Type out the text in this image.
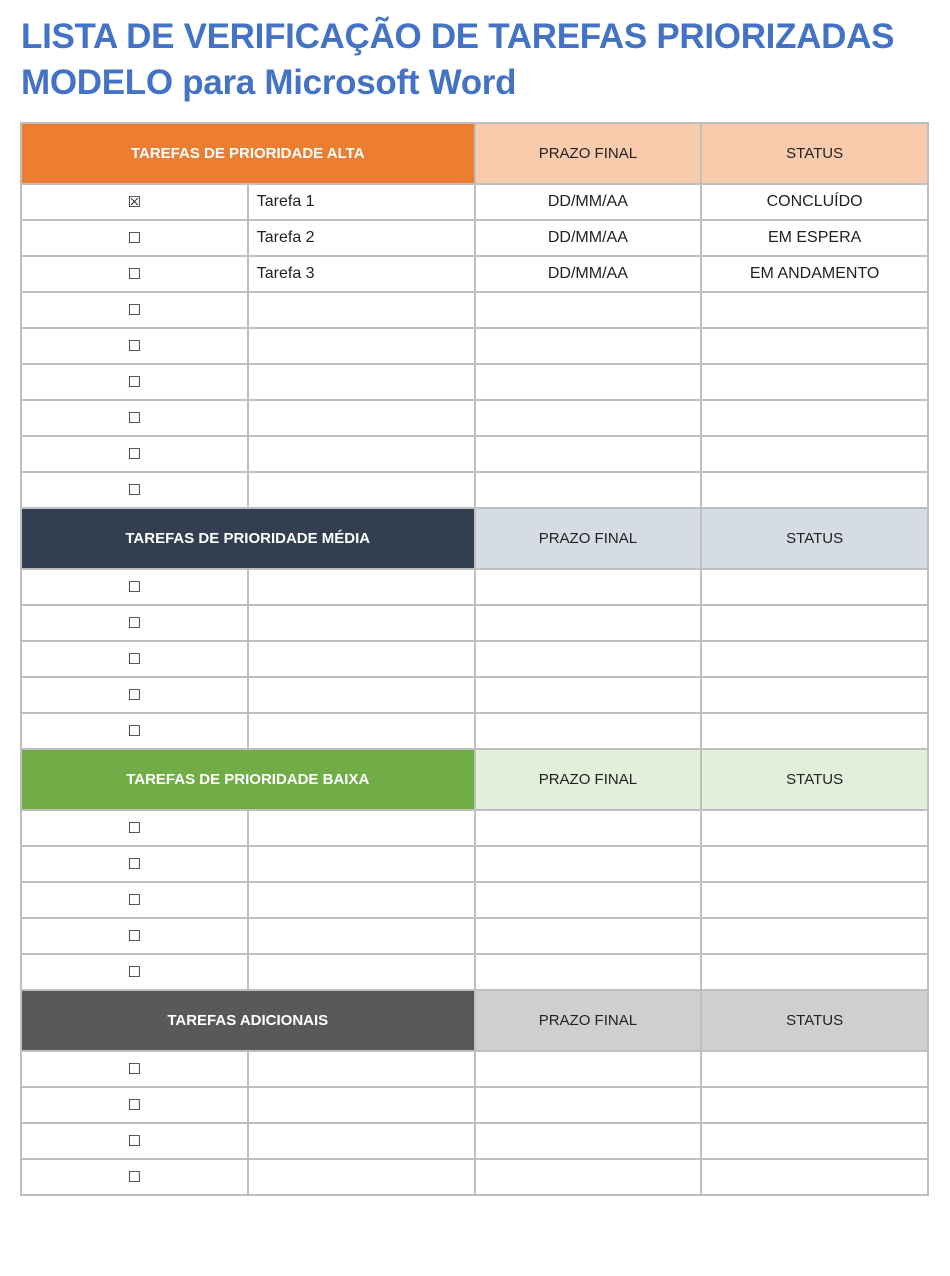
LISTA DE VERIFICAÇÃO DE TAREFAS PRIORIZADAS
MODELO para Microsoft Word
TAREFAS DE PRIORIDADE ALTA		PRAZO FINAL	STATUS
☒	Tarefa 1	DD/MM/AA	CONCLUÍDO
☐	Tarefa 2	DD/MM/AA	EM ESPERA
☐	Tarefa 3	DD/MM/AA	EM ANDAMENTO
☐			
☐			
☐			
☐			
☐			
☐			
TAREFAS DE PRIORIDADE MÉDIA		PRAZO FINAL	STATUS
☐			
☐			
☐			
☐			
☐			
TAREFAS DE PRIORIDADE BAIXA		PRAZO FINAL	STATUS
☐			
☐			
☐			
☐			
☐			
TAREFAS ADICIONAIS		PRAZO FINAL	STATUS
☐			
☐			
☐			
☐			
